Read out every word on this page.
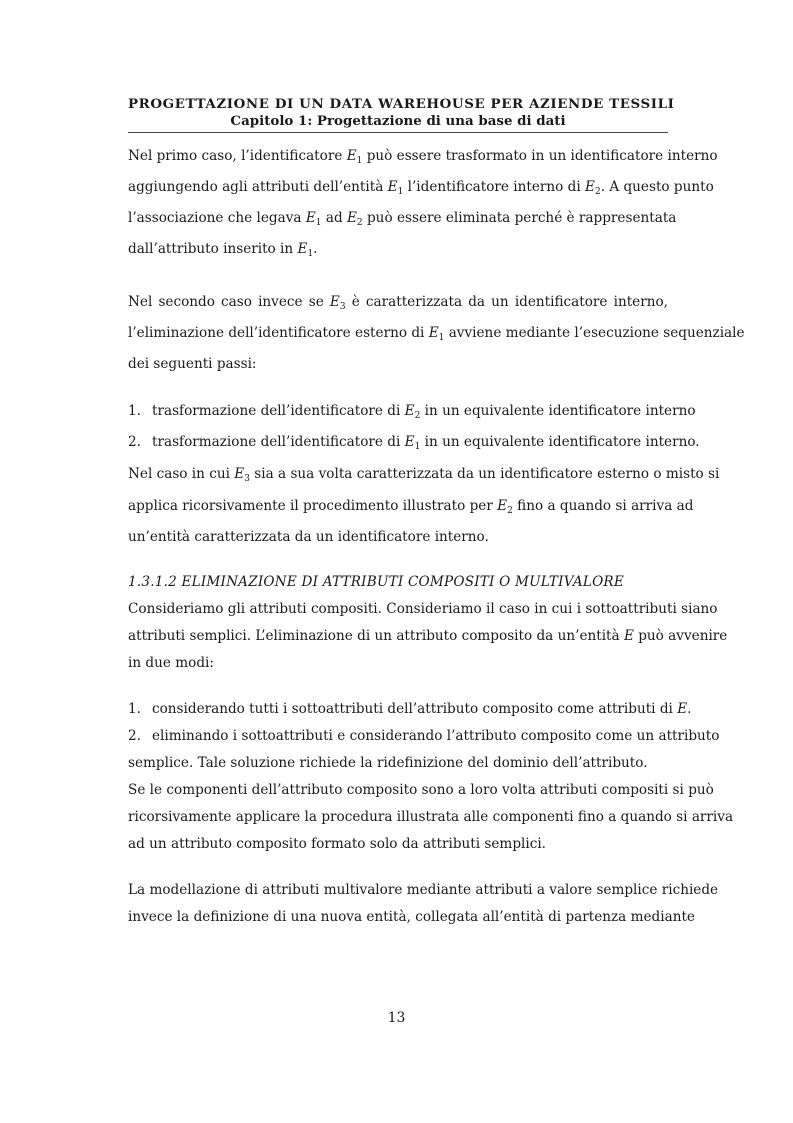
PROGETTAZIONE DI UN DATA WAREHOUSE PER AZIENDE TESSILI
Capitolo 1: Progettazione di una base di dati
Nel primo caso, l’identificatore $E_1$ può essere trasformato in un identificatore interno
aggiungendo agli attributi dell’entità $E_1$ l’identificatore interno di $E_2$. A questo punto
l’associazione che legava $E_1$ ad $E_2$ può essere eliminata perché è rappresentata
dall’attributo inserito in $E_1$.
Nel secondo caso invece se $E_3$ è caratterizzata da un identificatore interno,
l’eliminazione dell’identificatore esterno di $E_1$ avviene mediante l’esecuzione sequenziale
dei seguenti passi:
1. trasformazione dell’identificatore di $E_2$ in un equivalente identificatore interno
2. trasformazione dell’identificatore di $E_1$ in un equivalente identificatore interno.
Nel caso in cui $E_3$ sia a sua volta caratterizzata da un identificatore esterno o misto si
applica ricorsivamente il procedimento illustrato per $E_2$ fino a quando si arriva ad
un’entità caratterizzata da un identificatore interno.
1.3.1.2 ELIMINAZIONE DI ATTRIBUTI COMPOSITI O MULTIVALORE
Consideriamo gli attributi compositi. Consideriamo il caso in cui i sottoattributi siano
attributi semplici. L’eliminazione di un attributo composito da un’entità E può avvenire
in due modi:
1. considerando tutti i sottoattributi dell’attributo composito come attributi di E.
2. eliminando i sottoattributi e considerando l’attributo composito come un attributo
semplice. Tale soluzione richiede la ridefinizione del dominio dell’attributo.
Se le componenti dell’attributo composito sono a loro volta attributi compositi si può
ricorsivamente applicare la procedura illustrata alle componenti fino a quando si arriva
ad un attributo composito formato solo da attributi semplici.
La modellazione di attributi multivalore mediante attributi a valore semplice richiede
invece la definizione di una nuova entità, collegata all’entità di partenza mediante
13
